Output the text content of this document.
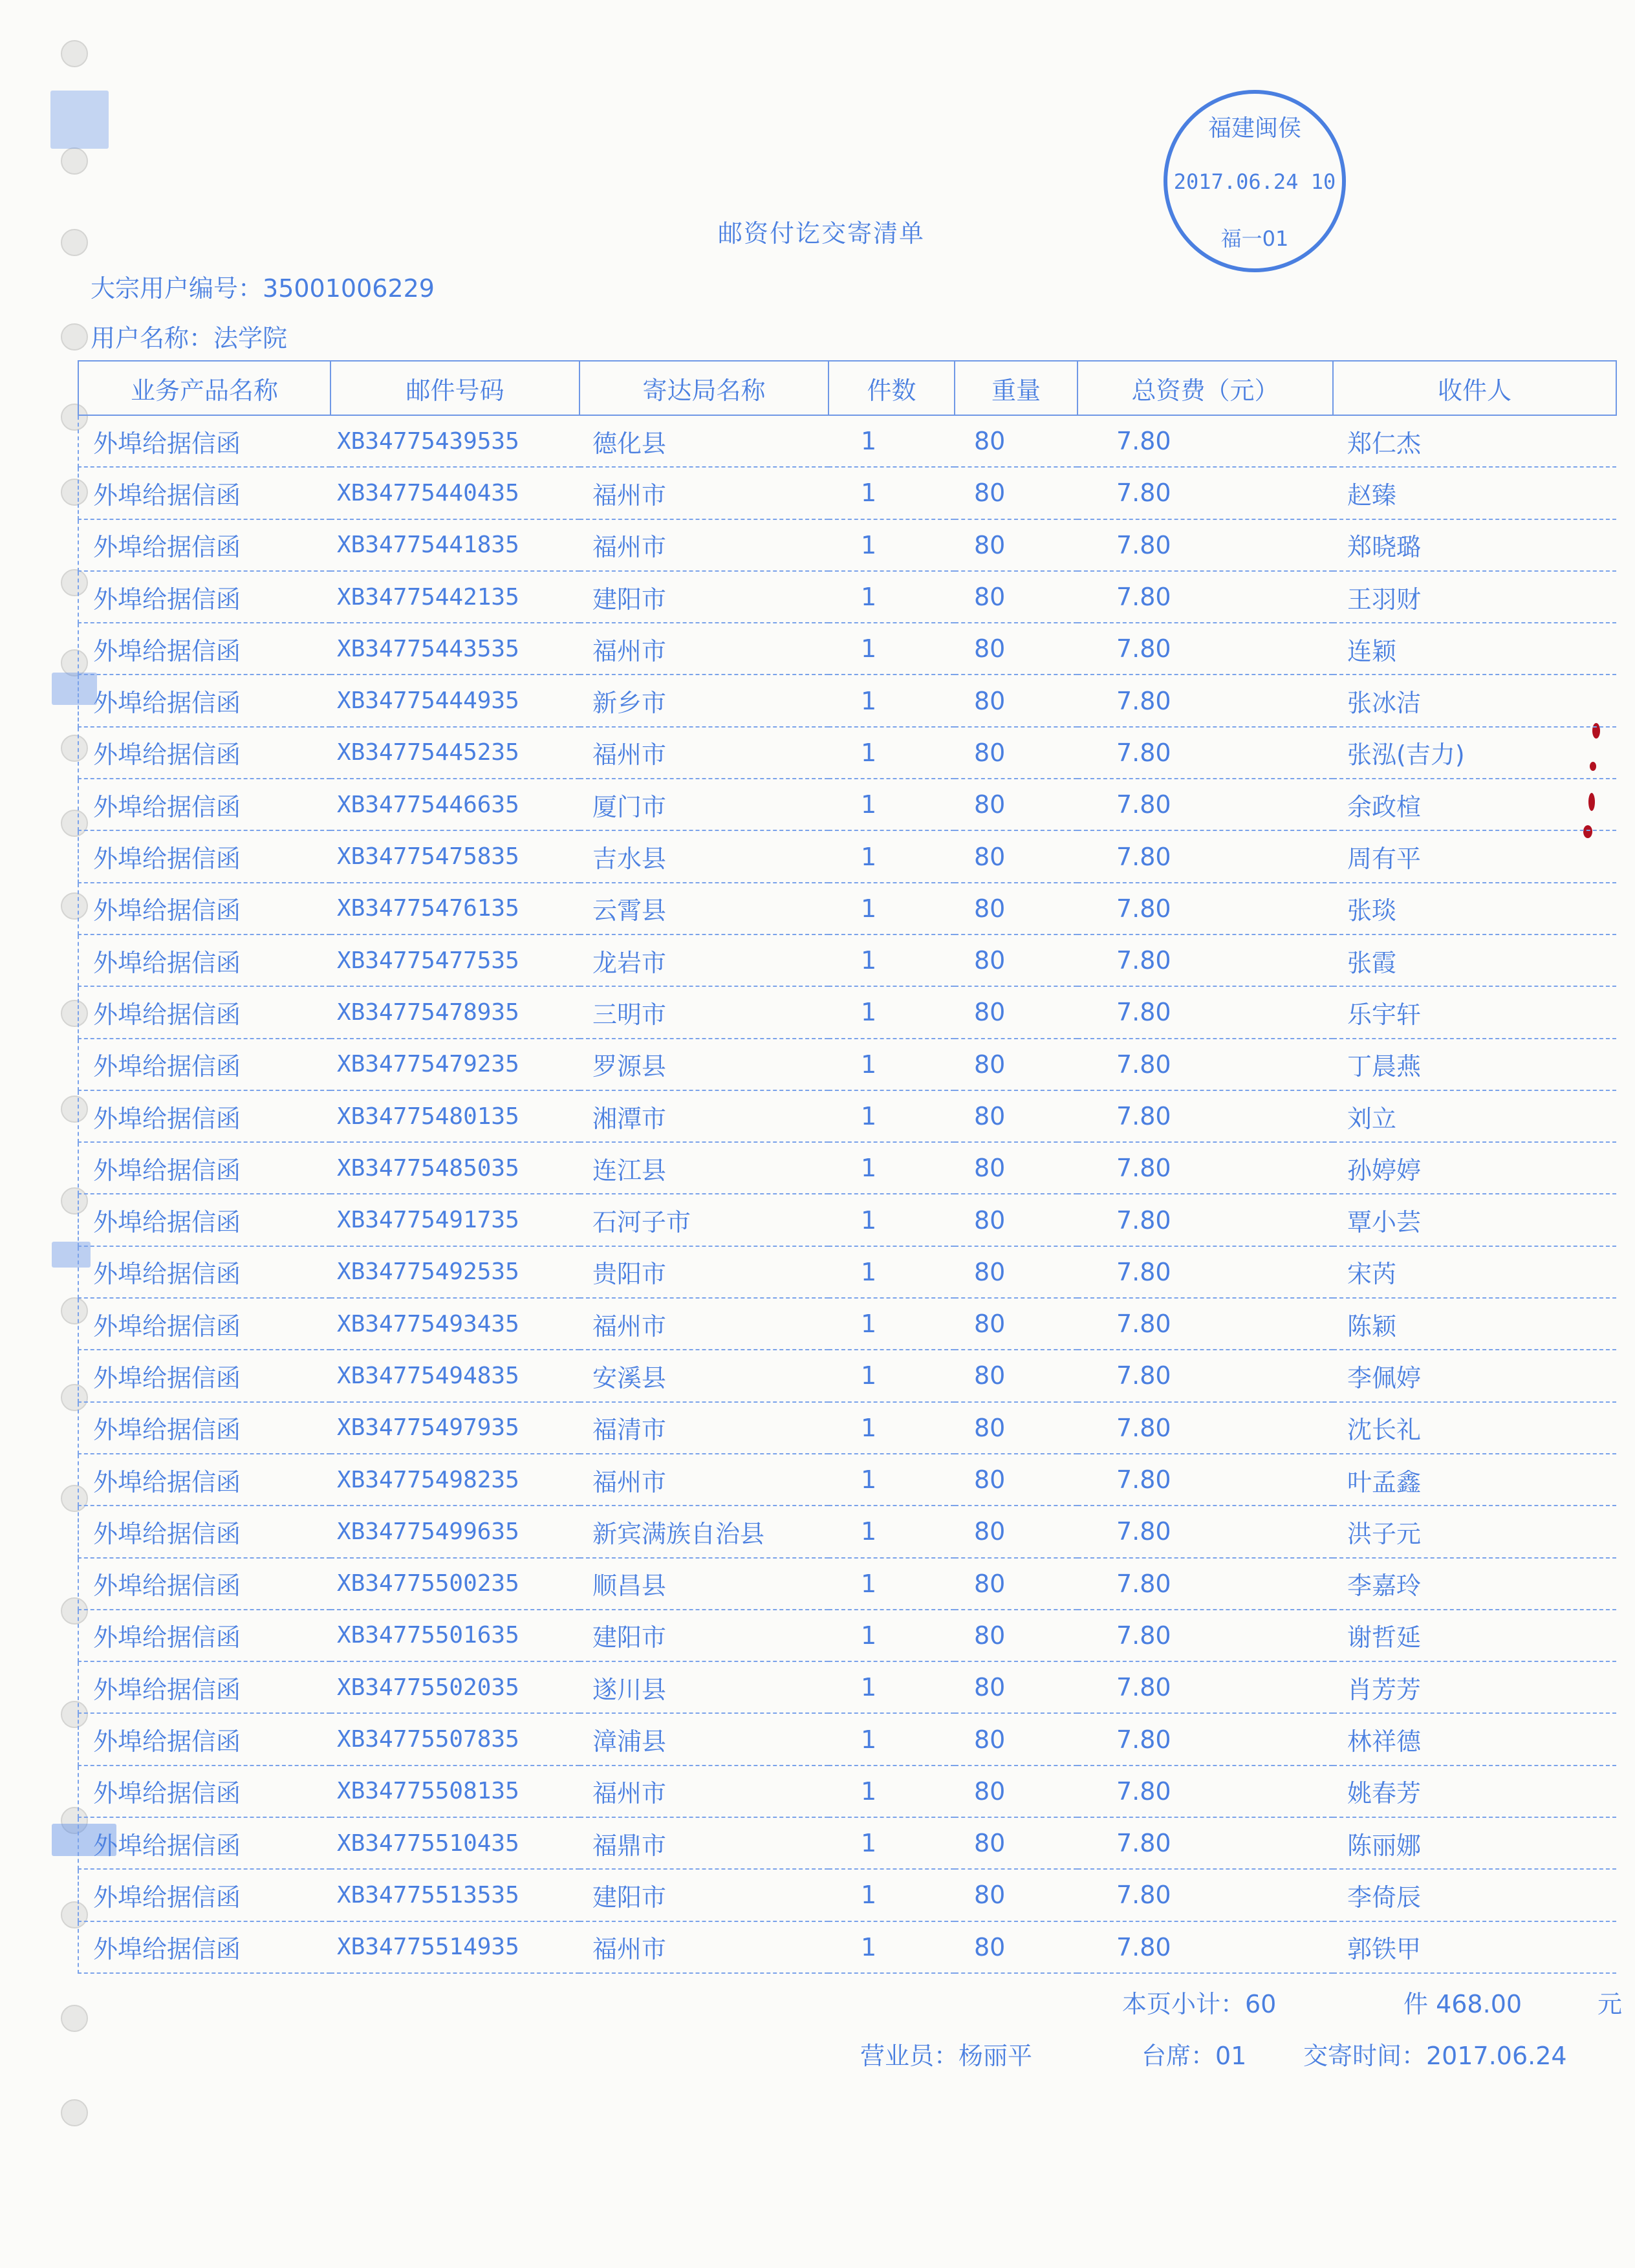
福建闽侯
2017.06.24 10
福一01
邮资付讫交寄清单
大宗用户编号：35001006229
用户名称：法学院
业务产品名称	邮件号码	寄达局名称	件数	重量	总资费（元）	收件人
外埠给据信函	XB34775439535	德化县	1	80	7.80	郑仁杰
外埠给据信函	XB34775440435	福州市	1	80	7.80	赵臻
外埠给据信函	XB34775441835	福州市	1	80	7.80	郑晓璐
外埠给据信函	XB34775442135	建阳市	1	80	7.80	王羽财
外埠给据信函	XB34775443535	福州市	1	80	7.80	连颖
外埠给据信函	XB34775444935	新乡市	1	80	7.80	张冰洁
外埠给据信函	XB34775445235	福州市	1	80	7.80	张泓(吉力)
外埠给据信函	XB34775446635	厦门市	1	80	7.80	余政楦
外埠给据信函	XB34775475835	吉水县	1	80	7.80	周有平
外埠给据信函	XB34775476135	云霄县	1	80	7.80	张琰
外埠给据信函	XB34775477535	龙岩市	1	80	7.80	张霞
外埠给据信函	XB34775478935	三明市	1	80	7.80	乐宇轩
外埠给据信函	XB34775479235	罗源县	1	80	7.80	丁晨燕
外埠给据信函	XB34775480135	湘潭市	1	80	7.80	刘立
外埠给据信函	XB34775485035	连江县	1	80	7.80	孙婷婷
外埠给据信函	XB34775491735	石河子市	1	80	7.80	覃小芸
外埠给据信函	XB34775492535	贵阳市	1	80	7.80	宋芮
外埠给据信函	XB34775493435	福州市	1	80	7.80	陈颖
外埠给据信函	XB34775494835	安溪县	1	80	7.80	李佩婷
外埠给据信函	XB34775497935	福清市	1	80	7.80	沈长礼
外埠给据信函	XB34775498235	福州市	1	80	7.80	叶孟鑫
外埠给据信函	XB34775499635	新宾满族自治县	1	80	7.80	洪子元
外埠给据信函	XB34775500235	顺昌县	1	80	7.80	李嘉玲
外埠给据信函	XB34775501635	建阳市	1	80	7.80	谢哲延
外埠给据信函	XB34775502035	遂川县	1	80	7.80	肖芳芳
外埠给据信函	XB34775507835	漳浦县	1	80	7.80	林祥德
外埠给据信函	XB34775508135	福州市	1	80	7.80	姚春芳
外埠给据信函	XB34775510435	福鼎市	1	80	7.80	陈丽娜
外埠给据信函	XB34775513535	建阳市	1	80	7.80	李倚辰
外埠给据信函	XB34775514935	福州市	1	80	7.80	郭铁甲
本页小计：60	件 468.00	元
营业员：杨丽平	台席：01 交寄时间：2017.06.24
